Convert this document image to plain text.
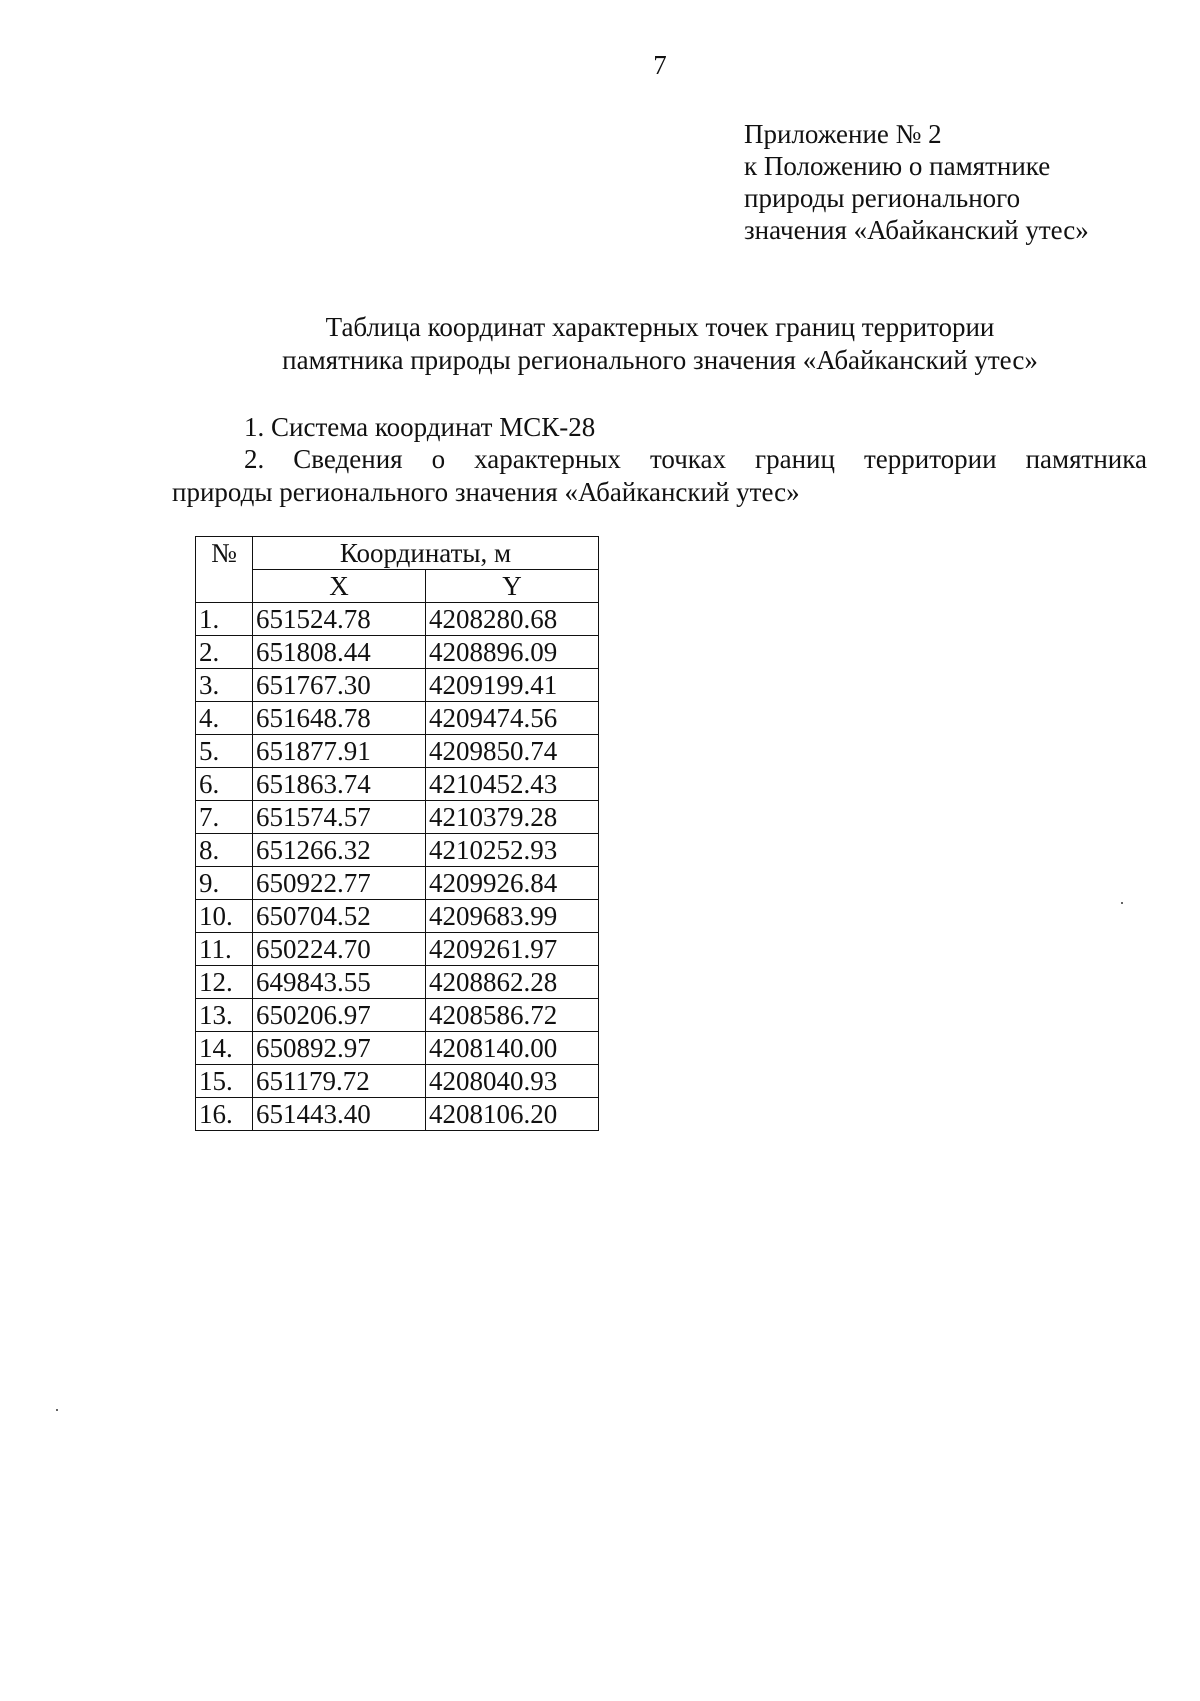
7
Приложение № 2
к Положению о памятнике
природы регионального
значения «Абайканский утес»
Таблица координат характерных точек границ территории
памятника природы регионального значения «Абайканский утес»
1. Система координат МСК-28
2. Сведения о характерных точках границ территории памятника
природы регионального значения «Абайканский утес»
№	Координаты, м	
	X	Y
1.	651524.78	4208280.68
2.	651808.44	4208896.09
3.	651767.30	4209199.41
4.	651648.78	4209474.56
5.	651877.91	4209850.74
6.	651863.74	4210452.43
7.	651574.57	4210379.28
8.	651266.32	4210252.93
9.	650922.77	4209926.84
10.	650704.52	4209683.99
11.	650224.70	4209261.97
12.	649843.55	4208862.28
13.	650206.97	4208586.72
14.	650892.97	4208140.00
15.	651179.72	4208040.93
16.	651443.40	4208106.20
